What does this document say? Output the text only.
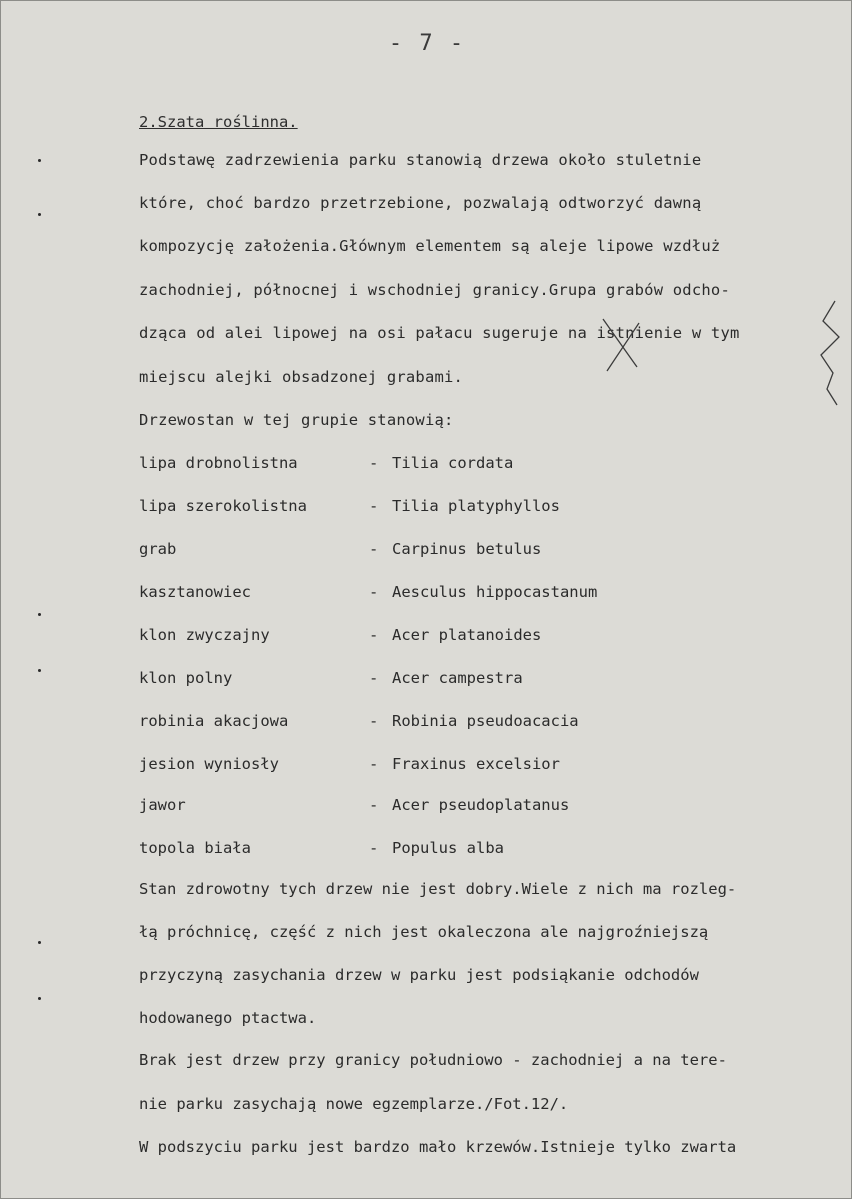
- 7 -
2.Szata roślinna.
Podstawę zadrzewienia parku stanowią drzewa około stuletnie
które, choć bardzo przetrzebione, pozwalają odtworzyć dawną
kompozycję założenia.Głównym elementem są aleje lipowe wzdłuż
zachodniej, północnej i wschodniej granicy.Grupa grabów odcho-
dząca od alei lipowej na osi pałacu sugeruje na istnienie w tym
miejscu alejki obsadzonej grabami.
Drzewostan w tej grupie stanowią:
lipa drobnolistna	- Tilia cordata
lipa szerokolistna	- Tilia platyphyllos
grab	- Carpinus betulus
kasztanowiec	- Aesculus hippocastanum
klon zwyczajny	- Acer platanoides
klon polny	- Acer campestra
robinia akacjowa	- Robinia pseudoacacia
jesion wyniosły	- Fraxinus excelsior
jawor	- Acer pseudoplatanus
topola biała	- Populus alba
Stan zdrowotny tych drzew nie jest dobry.Wiele z nich ma rozleg-
łą próchnicę, część z nich jest okaleczona ale najgroźniejszą
przyczyną zasychania drzew w parku jest podsiąkanie odchodów
hodowanego ptactwa.
Brak jest drzew przy granicy południowo - zachodniej a na tere-
nie parku zasychają nowe egzemplarze./Fot.12/.
W podszyciu parku jest bardzo mało krzewów.Istnieje tylko zwarta
